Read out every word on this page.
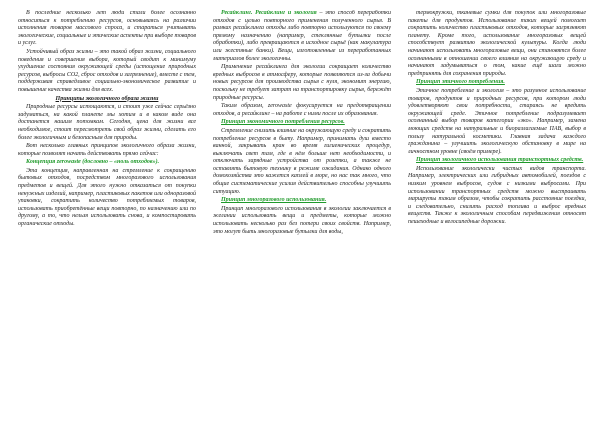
В последние несколько лет люди стали более осознанно относиться к потреблению ресурсов, основываясь на различии исполнения товаров массового спроса, и стараться учитывать экологические, социальные и этические аспекты при выборе товаров и услуг.

Устойчивый образ жизни – это такой образ жизни, социального поведения и совершения выбора, который сводит к минимуму ухудшение состояния окружающей среды (истощение природных ресурсов, выбросы CO2, сброс отходов и загрязнение), вместе с тем, поддерживая справедливое социально-экономическое развитие и повышение качества жизни для всех.

Принципы экологичного образа жизни

Природные ресурсы истощаются, и стоит уже сейчас серьёзно задуматься, на какой планете мы хотим и в каком виде она достанется нашим потомкам. Сегодня, цена для жизни все необходимое, стоит пересмотреть свой образ жизни, сделать его более экологичным и безопасным для природы.

Вот несколько главных принципов экологичного образа жизни, которые позволят начать действовать прямо сейчас:

Концепция zerowaste (дословно – «ноль отходов»).

Эта концепция, направленная на стремление к сокращению бытовых отходов, посредством многоразового использования предметов и вещей. Для этого нужно отказаться от покупки ненужных изделий, например, пластиковых пакетов или одноразовой упаковки, сократить количество потребляемых товаров, использовать приобретённые вещи повторно, по назначению или по другому, а то, что нельзя использовать снова, и компостировать органические отходы.

Ресайклинг. Ресайклинг и экология – это способ переработки отходов с целью повторного применения полученного сырья. В рамках ресайклинга отходы либо повторно используются по своему прямому назначению (например, стеклянные бутылки после обработки), либо превращаются в исходное сырьё (как макулатура или жестяные банки). Вещи, изготовленные из переработанных материалов более экологичны.

Применение ресайклинга для экологии сокращает количество вредных выбросов в атмосферу, которые появляются из-за добычи новых ресурсов для производства сырья с нуля, экономит энергию, поскольку не требует затрат на транспортировку сырья, бережёт природные ресурсы.

Таким образом, zerowaste фокусируется на предотвращении отходов, а ресайклинг – на работе с ними после их образования.

Принцип экономичного потребления ресурсов.

Стремление снизить влияние на окружающую среду и сократить потребление ресурсов в быту. Например, принимать душ вместо ванной, закрывать кран во время гигиенических процедур, выключать свет там, где в нём больше нет необходимости, и отключать зарядные устройства от розетки, а также не оставлять бытовую технику в режиме ожидания. Однако одного домохозяйства это кажется каплей в море, но нас так много, что общие систематические усилия действительно способны улучшить ситуацию.

Принцип многоразового использования.

Принцип многоразового использования в экологии заключается в желании использовать вещи и предметы, которые можно использовать несколько раз без потери своих свойств. Например, это могут быть многоразовые бутылки для воды,

термокружки, тканевые сумки для покупок или многоразовые пакеты для продуктов. Использование таких вещей помогает сократить количество пластиковых отходов, которые загрязняют планету. Кроме того, использование многоразовых вещей способствует развитию экологической культуры. Когда люди начинают использовать многоразовые вещи, они становятся более осознанными в отношении своего влияния на окружающую среду и начинают задумываться о том, какие ещё шаги можно предпринять для сохранения природы.

Принцип этичного потребления.

Этичное потребление и экология – это разумное использование товаров, продуктов и природных ресурсов, при котором люди удовлетворяют свои потребности, стараясь не вредить окружающей среде. Этичное потребление подразумевает осознанный выбор товаров категории «эко». Например, замена моющих средств на натуральные и биоразлагаемые ПАВ, выбор в пользу натуральной косметики. Главная задача каждого гражданина – улучшить экологическую обстановку в мире на личностном уровне (своём примере).

Принцип экологичного использования транспортных средств.

Использование экологически чистых видов транспорта. Например, электрических или гибридных автомобилей, поездов с низким уровнем выбросов, судов с низкими выбросами. При использовании транспортных средств можно выстраивать маршруты таким образом, чтобы сократить расстояние поездки, и следовательно, снизить расход топлива и выброс вредных веществ. Также к экологичным способам передвижения относят пешеходные и велосипедные дорожки.
